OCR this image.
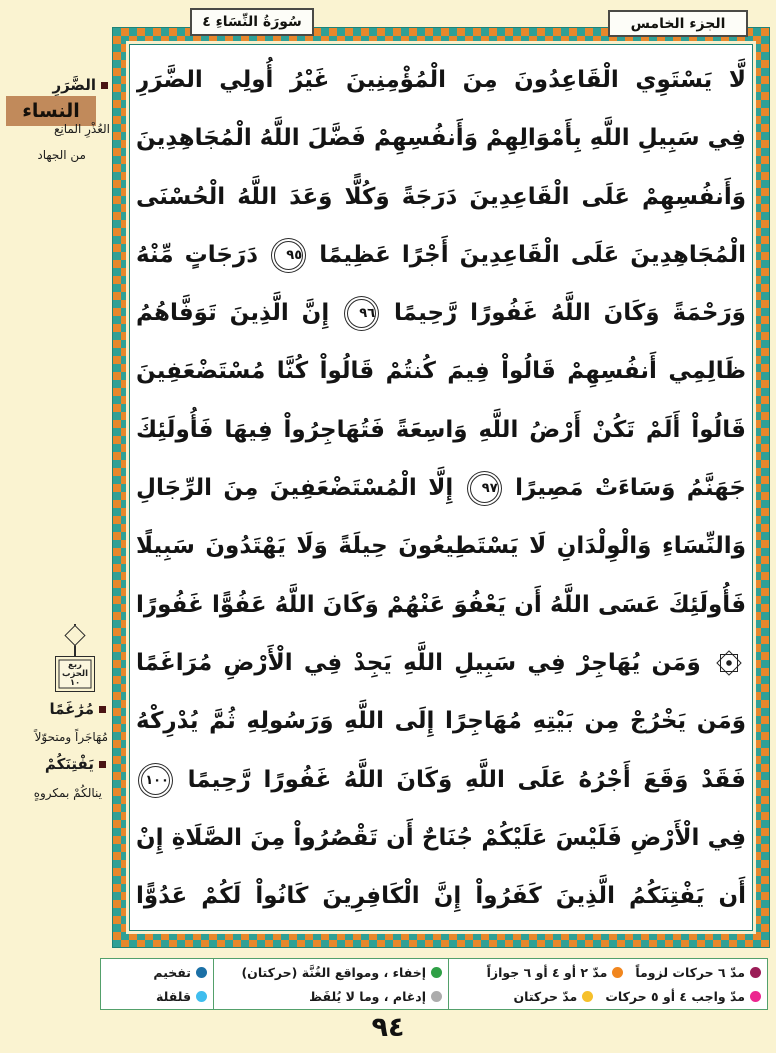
الضَّرَرِ
النساء
العُذْرِ المانِع
من الجهاد
ربع
الحزب
١٠
مُرَٰغَمًا
مُهَاجَراً ومتحوّلاً
يَفْتِنَكُمْ
ينالكُمْ بمكروهٍ
سُورَةُ النِّسَاءِ ٤	الجزء الخامس
لَّا يَسْتَوِي الْقَاعِدُونَ مِنَ الْمُؤْمِنِينَ غَيْرُ أُولِي الضَّرَرِ
فِي سَبِيلِ اللَّهِ بِأَمْوَالِهِمْ وَأَنفُسِهِمْ فَضَّلَ اللَّهُ الْمُجَاهِدِينَ
وَأَنفُسِهِمْ عَلَى الْقَاعِدِينَ دَرَجَةً وَكُلًّا وَعَدَ اللَّهُ الْحُسْنَى
الْمُجَاهِدِينَ عَلَى الْقَاعِدِينَ أَجْرًا عَظِيمًا ٩٥ دَرَجَاتٍ مِّنْهُ
وَرَحْمَةً وَكَانَ اللَّهُ غَفُورًا رَّحِيمًا ٩٦ إِنَّ الَّذِينَ تَوَفَّاهُمُ
ظَالِمِي أَنفُسِهِمْ قَالُواْ فِيمَ كُنتُمْ قَالُواْ كُنَّا مُسْتَضْعَفِينَ
قَالُواْ أَلَمْ تَكُنْ أَرْضُ اللَّهِ وَاسِعَةً فَتُهَاجِرُواْ فِيهَا فَأُولَئِكَ
جَهَنَّمُ وَسَاءَتْ مَصِيرًا ٩٧ إِلَّا الْمُسْتَضْعَفِينَ مِنَ الرِّجَالِ
وَالنِّسَاءِ وَالْوِلْدَانِ لَا يَسْتَطِيعُونَ حِيلَةً وَلَا يَهْتَدُونَ سَبِيلًا
فَأُولَئِكَ عَسَى اللَّهُ أَن يَعْفُوَ عَنْهُمْ وَكَانَ اللَّهُ عَفُوًّا غَفُورًا
وَمَن يُهَاجِرْ فِي سَبِيلِ اللَّهِ يَجِدْ فِي الْأَرْضِ مُرَاغَمًا
وَمَن يَخْرُجْ مِن بَيْتِهِ مُهَاجِرًا إِلَى اللَّهِ وَرَسُولِهِ ثُمَّ يُدْرِكْهُ
فَقَدْ وَقَعَ أَجْرُهُ عَلَى اللَّهِ وَكَانَ اللَّهُ غَفُورًا رَّحِيمًا ١٠٠
فِي الْأَرْضِ فَلَيْسَ عَلَيْكُمْ جُنَاحٌ أَن تَقْصُرُواْ مِنَ الصَّلَاةِ إِنْ
أَن يَفْتِنَكُمُ الَّذِينَ كَفَرُواْ إِنَّ الْكَافِرِينَ كَانُواْ لَكُمْ عَدُوًّا
مدّ ٦ حركات لزوماً
مدّ ٢ أو ٤ أو ٦ جوازاً
مدّ واجب ٤ أو ٥ حركات
مدّ حركتان
إخفاء ، ومواقع الغُنَّة (حركتان)
إدغام ، وما لا يُلفَظ
تفخيم
قلقلة
٩٤
